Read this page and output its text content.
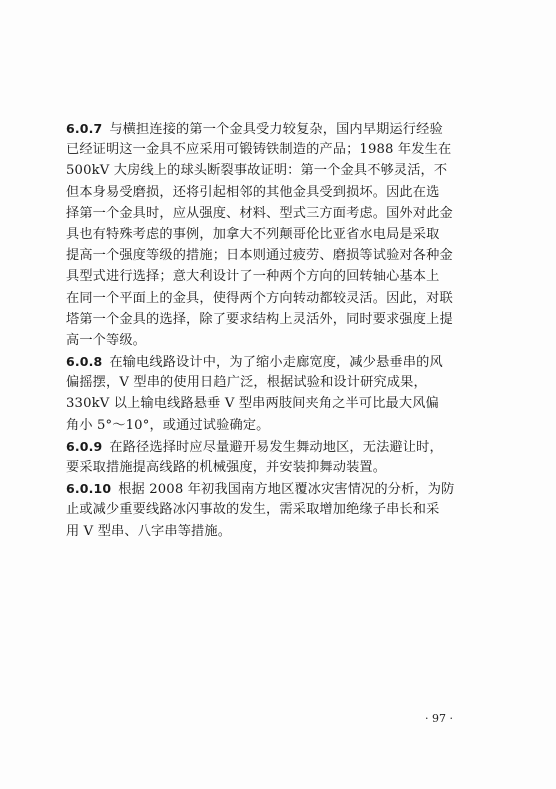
6.0.7 与横担连接的第一个金具受力较复杂，国内早期运行经验
已经证明这一金具不应采用可锻铸铁制造的产品；1988 年发生在
500kV 大房线上的球头断裂事故证明：第一个金具不够灵活，不
但本身易受磨损，还将引起相邻的其他金具受到损坏。因此在选
择第一个金具时，应从强度、材料、型式三方面考虑。国外对此金
具也有特殊考虑的事例，加拿大不列颠哥伦比亚省水电局是采取
提高一个强度等级的措施；日本则通过疲劳、磨损等试验对各种金
具型式进行选择；意大利设计了一种两个方向的回转轴心基本上
在同一个平面上的金具，使得两个方向转动都较灵活。因此，对联
塔第一个金具的选择，除了要求结构上灵活外，同时要求强度上提
高一个等级。
6.0.8 在输电线路设计中，为了缩小走廊宽度，减少悬垂串的风
偏摇摆，V 型串的使用日趋广泛，根据试验和设计研究成果，
330kV 以上输电线路悬垂 V 型串两肢间夹角之半可比最大风偏
角小 5°～10°，或通过试验确定。
6.0.9 在路径选择时应尽量避开易发生舞动地区，无法避让时，
要采取措施提高线路的机械强度，并安装抑舞动装置。
6.0.10 根据 2008 年初我国南方地区覆冰灾害情况的分析，为防
止或减少重要线路冰闪事故的发生，需采取增加绝缘子串长和采
用 V 型串、八字串等措施。
· 97 ·
